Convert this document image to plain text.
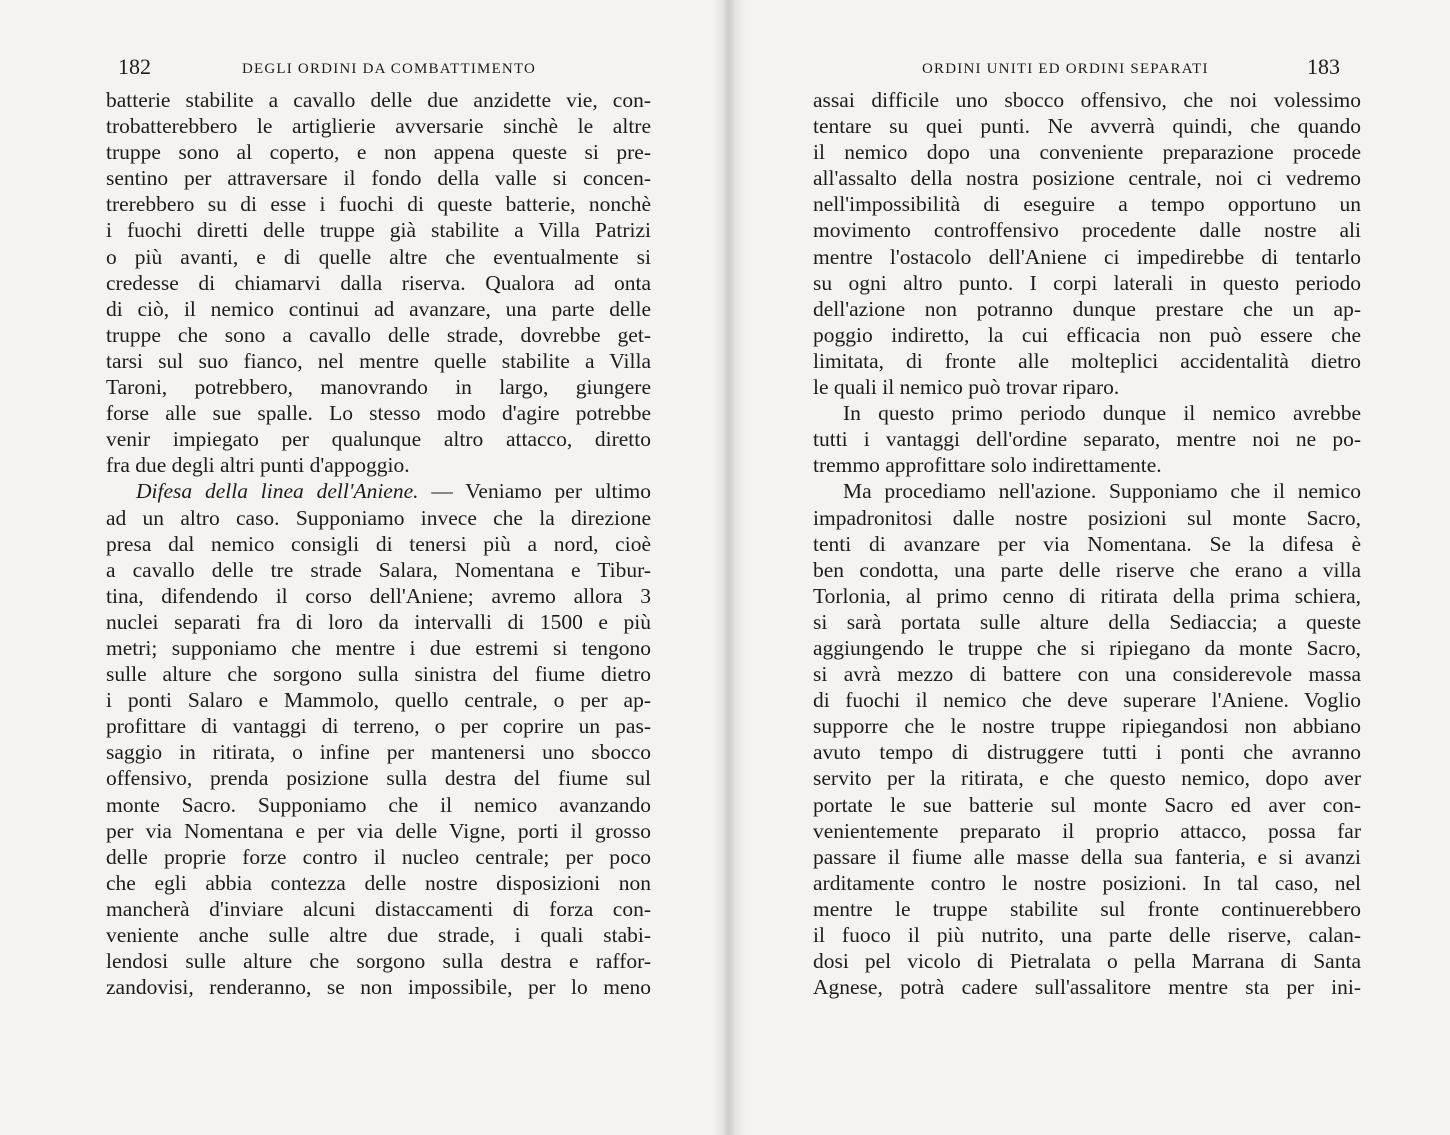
182	DEGLI ORDINI DA COMBATTIMENTO
batterie stabilite a cavallo delle due anzidette vie, con-
trobatterebbero le artiglierie avversarie sinchè le altre
truppe sono al coperto, e non appena queste si pre-
sentino per attraversare il fondo della valle si concen-
trerebbero su di esse i fuochi di queste batterie, nonchè
i fuochi diretti delle truppe già stabilite a Villa Patrizi
o più avanti, e di quelle altre che eventualmente si
credesse di chiamarvi dalla riserva. Qualora ad onta
di ciò, il nemico continui ad avanzare, una parte delle
truppe che sono a cavallo delle strade, dovrebbe get-
tarsi sul suo fianco, nel mentre quelle stabilite a Villa
Taroni, potrebbero, manovrando in largo, giungere
forse alle sue spalle. Lo stesso modo d'agire potrebbe
venir impiegato per qualunque altro attacco, diretto
fra due degli altri punti d'appoggio.
Difesa della linea dell'Aniene. — Veniamo per ultimo
ad un altro caso. Supponiamo invece che la direzione
presa dal nemico consigli di tenersi più a nord, cioè
a cavallo delle tre strade Salara, Nomentana e Tibur-
tina, difendendo il corso dell'Aniene; avremo allora 3
nuclei separati fra di loro da intervalli di 1500 e più
metri; supponiamo che mentre i due estremi si tengono
sulle alture che sorgono sulla sinistra del fiume dietro
i ponti Salaro e Mammolo, quello centrale, o per ap-
profittare di vantaggi di terreno, o per coprire un pas-
saggio in ritirata, o infine per mantenersi uno sbocco
offensivo, prenda posizione sulla destra del fiume sul
monte Sacro. Supponiamo che il nemico avanzando
per via Nomentana e per via delle Vigne, porti il grosso
delle proprie forze contro il nucleo centrale; per poco
che egli abbia contezza delle nostre disposizioni non
mancherà d'inviare alcuni distaccamenti di forza con-
veniente anche sulle altre due strade, i quali stabi-
lendosi sulle alture che sorgono sulla destra e raffor-
zandovisi, renderanno, se non impossibile, per lo meno
ORDINI UNITI ED ORDINI SEPARATI	183
assai difficile uno sbocco offensivo, che noi volessimo
tentare su quei punti. Ne avverrà quindi, che quando
il nemico dopo una conveniente preparazione procede
all'assalto della nostra posizione centrale, noi ci vedremo
nell'impossibilità di eseguire a tempo opportuno un
movimento controffensivo procedente dalle nostre ali
mentre l'ostacolo dell'Aniene ci impedirebbe di tentarlo
su ogni altro punto. I corpi laterali in questo periodo
dell'azione non potranno dunque prestare che un ap-
poggio indiretto, la cui efficacia non può essere che
limitata, di fronte alle molteplici accidentalità dietro
le quali il nemico può trovar riparo.
In questo primo periodo dunque il nemico avrebbe
tutti i vantaggi dell'ordine separato, mentre noi ne po-
tremmo approfittare solo indirettamente.
Ma procediamo nell'azione. Supponiamo che il nemico
impadronitosi dalle nostre posizioni sul monte Sacro,
tenti di avanzare per via Nomentana. Se la difesa è
ben condotta, una parte delle riserve che erano a villa
Torlonia, al primo cenno di ritirata della prima schiera,
si sarà portata sulle alture della Sediaccia; a queste
aggiungendo le truppe che si ripiegano da monte Sacro,
si avrà mezzo di battere con una considerevole massa
di fuochi il nemico che deve superare l'Aniene. Voglio
supporre che le nostre truppe ripiegandosi non abbiano
avuto tempo di distruggere tutti i ponti che avranno
servito per la ritirata, e che questo nemico, dopo aver
portate le sue batterie sul monte Sacro ed aver con-
venientemente preparato il proprio attacco, possa far
passare il fiume alle masse della sua fanteria, e si avanzi
arditamente contro le nostre posizioni. In tal caso, nel
mentre le truppe stabilite sul fronte continuerebbero
il fuoco il più nutrito, una parte delle riserve, calan-
dosi pel vicolo di Pietralata o pella Marrana di Santa
Agnese, potrà cadere sull'assalitore mentre sta per ini-
